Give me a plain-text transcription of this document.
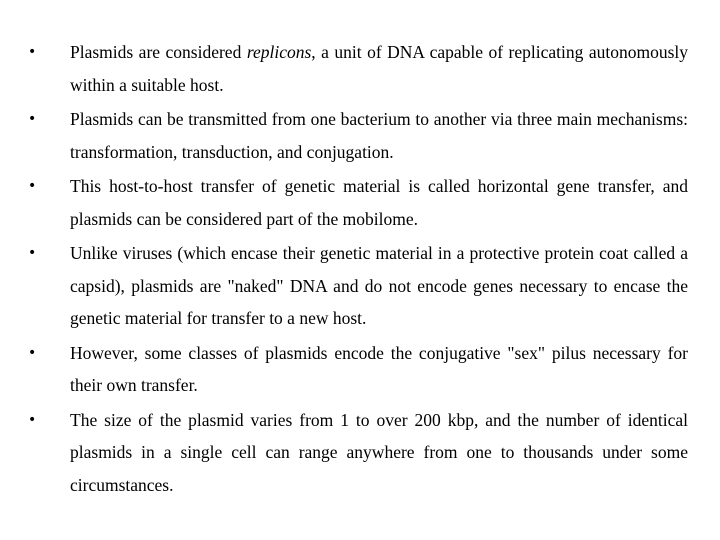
•	Plasmids are considered replicons, a unit of DNA capable of replicating autonomously within a suitable host.
•	Plasmids can be transmitted from one bacterium to another via three main mechanisms: transformation, transduction, and conjugation.
•	This host-to-host transfer of genetic material is called horizontal gene transfer, and plasmids can be considered part of the mobilome.
•	Unlike viruses (which encase their genetic material in a protective protein coat called a capsid), plasmids are "naked" DNA and do not encode genes necessary to encase the genetic material for transfer to a new host.
•	However, some classes of plasmids encode the conjugative "sex" pilus necessary for their own transfer.
•	The size of the plasmid varies from 1 to over 200 kbp, and the number of identical plasmids in a single cell can range anywhere from one to thousands under some circumstances.
